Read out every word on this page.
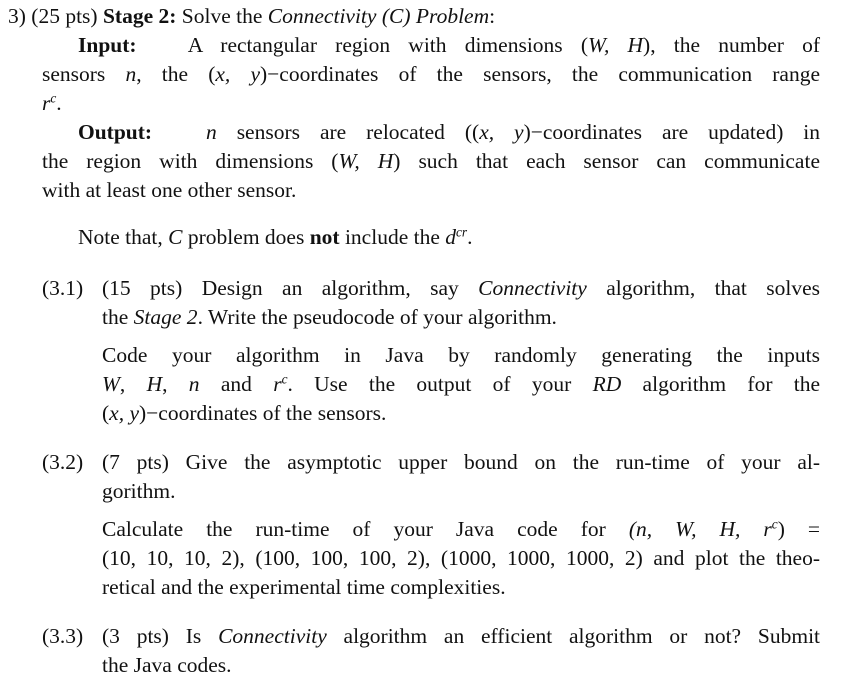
3) (25 pts) Stage 2: Solve the Connectivity (C) Problem:
Input: A rectangular region with dimensions (W, H), the number of
sensors n, the (x, y)−coordinates of the sensors, the communication range
$r^c$.
Output:	n sensors are relocated ((x, y)−coordinates are updated) in
the region with dimensions (W, H) such that each sensor can communicate
with at least one other sensor.
Note that, C problem does not include the $d^{cr}$.
(3.1) (15 pts) Design an algorithm, say Connectivity algorithm, that solves
the Stage 2. Write the pseudocode of your algorithm.
Code your algorithm in Java by randomly generating the inputs
W, H, n and $r^c$. Use the output of your RD algorithm for the
(x, y)−coordinates of the sensors.
(3.2) (7 pts) Give the asymptotic upper bound on the run-time of your al-
gorithm.
Calculate the run-time of your Java code for (n, W, H, $r^c$) =
(10, 10, 10, 2), (100, 100, 100, 2), (1000, 1000, 1000, 2) and plot the theo-
retical and the experimental time complexities.
(3.3) (3 pts) Is Connectivity algorithm an efficient algorithm or not? Submit
the Java codes.
